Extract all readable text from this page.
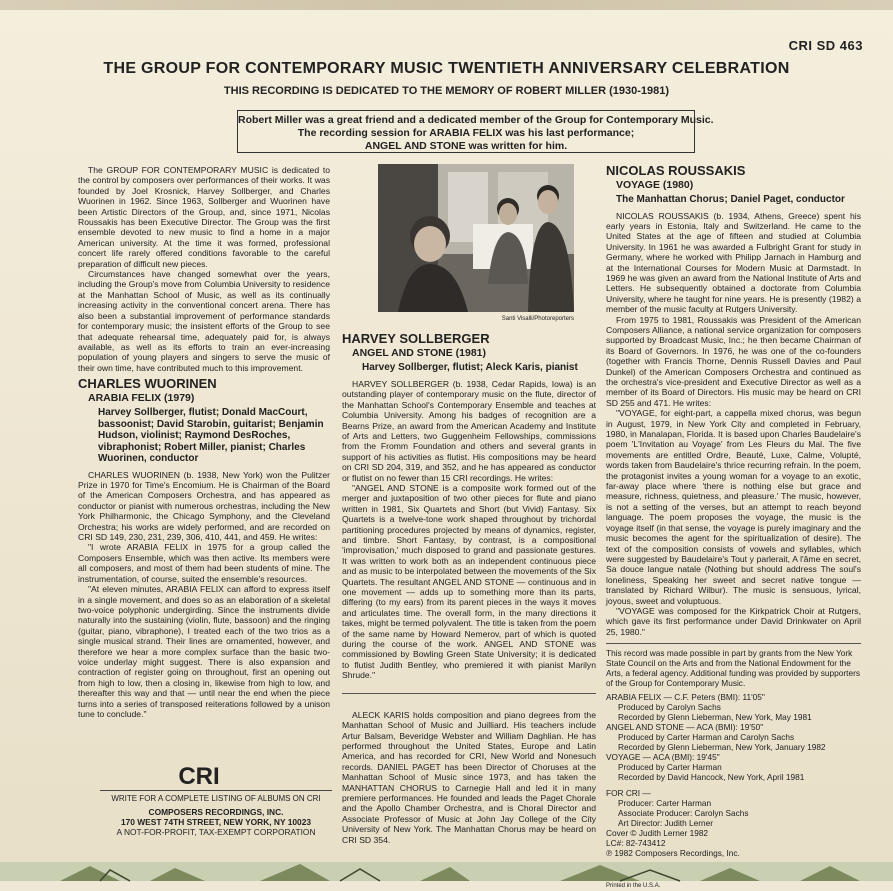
CRI SD 463
THE GROUP FOR CONTEMPORARY MUSIC TWENTIETH ANNIVERSARY CELEBRATION
THIS RECORDING IS DEDICATED TO THE MEMORY OF ROBERT MILLER (1930-1981)
Robert Miller was a great friend and a dedicated member of the Group for Contemporary Music.
The recording session for ARABIA FELIX was his last performance;
ANGEL AND STONE was written for him.

The GROUP FOR CONTEMPORARY MUSIC is dedicated to the control by composers over performances of their works. It was founded by Joel Krosnick, Harvey Sollberger, and Charles Wuorinen in 1962. Since 1963, Sollberger and Wuorinen have been Artistic Directors of the Group, and, since 1971, Nicolas Roussakis has been Executive Director. The Group was the first ensemble devoted to new music to find a home in a major American university. At the time it was formed, professional concert life rarely offered conditions favorable to the careful preparation of difficult new pieces.

Circumstances have changed somewhat over the years, including the Group's move from Columbia University to residence at the Manhattan School of Music, as well as its continually increasing activity in the conventional concert arena. There has also been a substantial improvement of performance standards for contemporary music; the insistent efforts of the Group to see that adequate rehearsal time, adequately paid for, is always available, as well as its efforts to train an ever-increasing population of young players and singers to serve the music of their own time, have contributed much to this improvement.

CHARLES WUORINEN
ARABIA FELIX (1979)
Harvey Sollberger, flutist; Donald MacCourt, bassoonist; David Starobin, guitarist; Benjamin Hudson, violinist; Raymond DesRoches, vibraphonist; Robert Miller, pianist; Charles Wuorinen, conductor

CHARLES WUORINEN (b. 1938, New York) won the Pulitzer Prize in 1970 for Time's Encomium. He is Chairman of the Board of the American Composers Orchestra, and has appeared as conductor or pianist with numerous orchestras, including the New York Philharmonic, the Chicago Symphony, and the Cleveland Orchestra; his works are widely performed, and are recorded on CRI SD 149, 230, 231, 239, 306, 410, 441, and 459. He writes:

"I wrote ARABIA FELIX in 1975 for a group called the Composers Ensemble, which was then active. Its members were all composers, and most of them had been students of mine. The instrumentation, of course, suited the ensemble's resources.

"At eleven minutes, ARABIA FELIX can afford to express itself in a single movement, and does so as an elaboration of a skeletal two-voice polyphonic undergirding. Since the instruments divide naturally into the sustaining (violin, flute, bassoon) and the ringing (guitar, piano, vibraphone), I treated each of the two trios as a single musical strand. Their lines are ornamented, however, and therefore we hear a more complex surface than the basic two-voice underlay might suggest. There is also expansion and contraction of register going on throughout, first an opening out from high to low, then a closing in, likewise from high to low, and thereafter this way and that — until near the end when the piece turns into a series of transposed reiterations followed by a unison tune to conclude."

CRI
WRITE FOR A COMPLETE LISTING OF ALBUMS ON CRI
COMPOSERS RECORDINGS, INC.
170 WEST 74TH STREET, NEW YORK, NY 10023
A NOT-FOR-PROFIT, TAX-EXEMPT CORPORATION
Santi Visalli/Photoreporters
HARVEY SOLLBERGER
ANGEL AND STONE (1981)
Harvey Sollberger, flutist; Aleck Karis, pianist

HARVEY SOLLBERGER (b. 1938, Cedar Rapids, Iowa) is an outstanding player of contemporary music on the flute, director of the Manhattan School's Contemporary Ensemble and teaches at Columbia University. Among his badges of recognition are a Bearns Prize, an award from the American Academy and Institute of Arts and Letters, two Guggenheim Fellowships, commissions from the Fromm Foundation and others and several grants in support of his activities as flutist. His compositions may be heard on CRI SD 204, 319, and 352, and he has appeared as conductor or flutist on no fewer than 15 CRI recordings. He writes:

"ANGEL AND STONE is a composite work formed out of the merger and juxtaposition of two other pieces for flute and piano written in 1981, Six Quartets and Short (but Vivid) Fantasy. Six Quartets is a twelve-tone work shaped throughout by trichordal partitioning procedures projected by means of dynamics, register, and timbre. Short Fantasy, by contrast, is a compositional 'improvisation,' much disposed to grand and passionate gestures. It was written to work both as an independent continuous piece and as music to be interpolated between the movements of the Six Quartets. The resultant ANGEL AND STONE — continuous and in one movement — adds up to something more than its parts, differing (to my ears) from its parent pieces in the ways it moves and articulates time. The overall form, in the many directions it takes, might be termed polyvalent. The title is taken from the poem of the same name by Howard Nemerov, part of which is quoted during the course of the work. ANGEL AND STONE was commissioned by Bowling Green State University; it is dedicated to flutist Judith Bentley, who premiered it with pianist Marilyn Shrude."

ALECK KARIS holds composition and piano degrees from the Manhattan School of Music and Juilliard. His teachers include Artur Balsam, Beveridge Webster and William Daghlian. He has performed throughout the United States, Europe and Latin America, and has recorded for CRI, New World and Nonesuch records. DANIEL PAGET has been Director of Choruses at the Manhattan School of Music since 1973, and has taken the MANHATTAN CHORUS to Carnegie Hall and led it in many premiere performances. He founded and leads the Paget Chorale and the Apollo Chamber Orchestra, and is Choral Director and Associate Professor of Music at John Jay College of the City University of New York. The Manhattan Chorus may be heard on CRI SD 354.

NICOLAS ROUSSAKIS
VOYAGE (1980)
The Manhattan Chorus; Daniel Paget, conductor

NICOLAS ROUSSAKIS (b. 1934, Athens, Greece) spent his early years in Estonia, Italy and Switzerland. He came to the United States at the age of fifteen and studied at Columbia University. In 1961 he was awarded a Fulbright Grant for study in Germany, where he worked with Philipp Jarnach in Hamburg and at the International Courses for Modern Music at Darmstadt. In 1969 he was given an award from the National Institute of Arts and Letters. He subsequently obtained a doctorate from Columbia University, where he taught for nine years. He is presently (1982) a member of the music faculty at Rutgers University.

From 1975 to 1981, Roussakis was President of the American Composers Alliance, a national service organization for composers supported by Broadcast Music, Inc.; he then became Chairman of its Board of Governors. In 1976, he was one of the co-founders (together with Francis Thorne, Dennis Russell Davies and Paul Dunkel) of the American Composers Orchestra and continued as the orchestra's vice-president and Executive Director as well as a member of its Board of Directors. His music may be heard on CRI SD 255 and 471. He writes:

"VOYAGE, for eight-part, a cappella mixed chorus, was begun in August, 1979, in New York City and completed in February, 1980, in Manalapan, Florida. It is based upon Charles Baudelaire's poem 'L'Invitation au Voyage' from Les Fleurs du Mal. The five movements are entitled Ordre, Beauté, Luxe, Calme, Volupté, words taken from Baudelaire's thrice recurring refrain. In the poem, the protagonist invites a young woman for a voyage to an exotic, far-away place where 'there is nothing else but grace and measure, richness, quietness, and pleasure.' The music, however, is not a setting of the verses, but an attempt to reach beyond language. The poem proposes the voyage, the music is the voyage itself (in that sense, the voyage is purely imaginary and the music becomes the agent for the spiritualization of desire). The text of the composition consists of vowels and syllables, which were suggested by Baudelaire's Tout y parlerait, A l'âme en secret, Sa douce langue natale (Nothing but should address The soul's loneliness, Speaking her sweet and secret native tongue — translated by Richard Wilbur). The music is sensuous, lyrical, joyous, sweet and voluptuous.

"VOYAGE was composed for the Kirkpatrick Choir at Rutgers, which gave its first performance under David Drinkwater on April 25, 1980."

This record was made possible in part by grants from the New York State Council on the Arts and from the National Endowment for the Arts, a federal agency. Additional funding was provided by supporters of the Group for Contemporary Music.
ARABIA FELIX — C.F. Peters (BMI): 11'05"
Produced by Carolyn Sachs
Recorded by Glenn Lieberman, New York, May 1981
ANGEL AND STONE — ACA (BMI): 19'50"
Produced by Carter Harman and Carolyn Sachs
Recorded by Glenn Lieberman, New York, January 1982
VOYAGE — ACA (BMI): 19'45"
Produced by Carter Harman
Recorded by David Hancock, New York, April 1981
FOR CRI —
Producer: Carter Harman
Associate Producer: Carolyn Sachs
Art Director: Judith Lerner
Cover © Judith Lerner 1982
LC#: 82-743412
℗ 1982 Composers Recordings, Inc.
Printed in the U.S.A.
